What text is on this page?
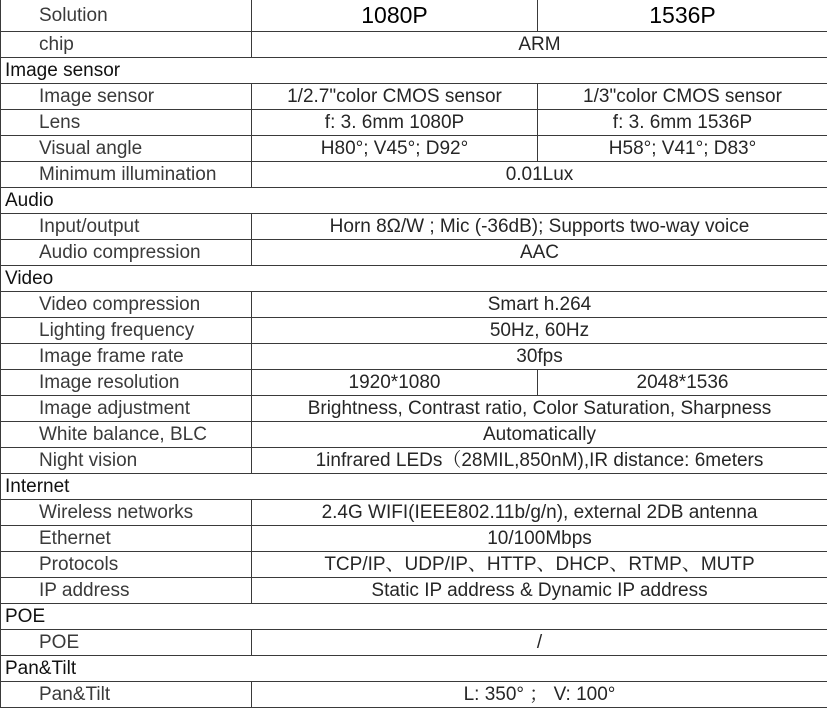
Solution	1080P	1536P
chip	ARM	
Image sensor		
Image sensor	1/2.7"color CMOS sensor	1/3"color CMOS sensor
Lens	f: 3. 6mm 1080P	f: 3. 6mm 1536P
Visual angle	H80°; V45°; D92°	H58°; V41°; D83°
Minimum illumination	0.01Lux	
Audio		
Input/output	Horn 8Ω/W ; Mic (-36dB); Supports two-way voice	
Audio compression	AAC	
Video		
Video compression	Smart h.264	
Lighting frequency	50Hz, 60Hz	
Image frame rate	30fps	
Image resolution	1920*1080	2048*1536
Image adjustment	Brightness, Contrast ratio, Color Saturation, Sharpness	
White balance, BLC	Automatically	
Night vision	1infrared LEDs（28MIL,850nM),IR distance: 6meters	
Internet		
Wireless networks	2.4G WIFI(IEEE802.11b/g/n), external 2DB antenna	
Ethernet	10/100Mbps	
Protocols	TCP/IP、UDP/IP、HTTP、DHCP、RTMP、MUTP	
IP address	Static IP address & Dynamic IP address	
POE		
POE	/	
Pan&Tilt		
Pan&Tilt	L: 350° ； V: 100°	
